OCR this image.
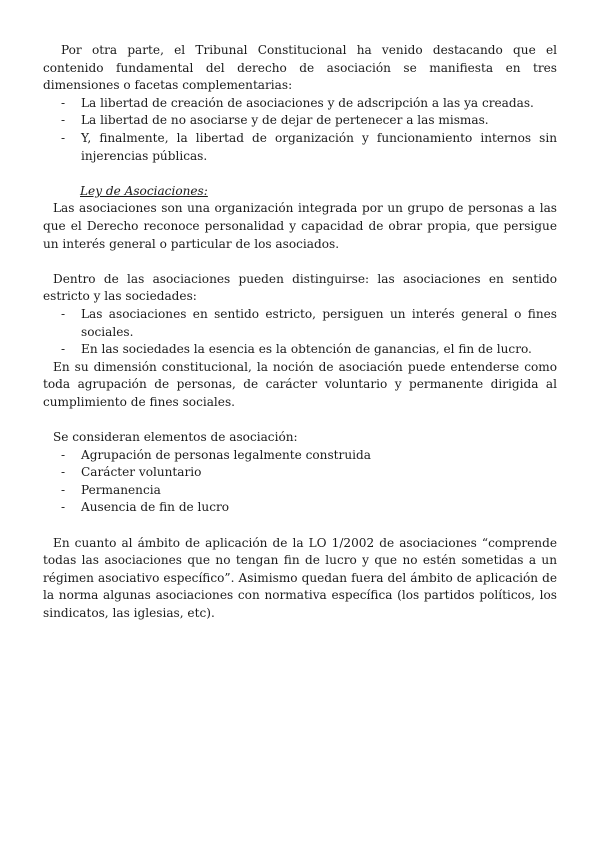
Por otra parte, el Tribunal Constitucional ha venido destacando que el contenido fundamental del derecho de asociación se manifiesta en tres dimensiones o facetas complementarias:

- La libertad de creación de asociaciones y de adscripción a las ya creadas.
- La libertad de no asociarse y de dejar de pertenecer a las mismas.
- Y, finalmente, la libertad de organización y funcionamiento internos sin injerencias públicas.
Ley de Asociaciones:

Las asociaciones son una organización integrada por un grupo de personas a las que el Derecho reconoce personalidad y capacidad de obrar propia, que persigue un interés general o particular de los asociados.

Dentro de las asociaciones pueden distinguirse: las asociaciones en sentido estricto y las sociedades:

- Las asociaciones en sentido estricto, persiguen un interés general o fines sociales.
- En las sociedades la esencia es la obtención de ganancias, el fin de lucro.

En su dimensión constitucional, la noción de asociación puede entenderse como toda agrupación de personas, de carácter voluntario y permanente dirigida al cumplimiento de fines sociales.

Se consideran elementos de asociación:

- Agrupación de personas legalmente construida
- Carácter voluntario
- Permanencia
- Ausencia de fin de lucro

En cuanto al ámbito de aplicación de la LO 1/2002 de asociaciones “comprende todas las asociaciones que no tengan fin de lucro y que no estén sometidas a un régimen asociativo específico”. Asimismo quedan fuera del ámbito de aplicación de la norma algunas asociaciones con normativa específica (los partidos políticos, los sindicatos, las iglesias, etc).
